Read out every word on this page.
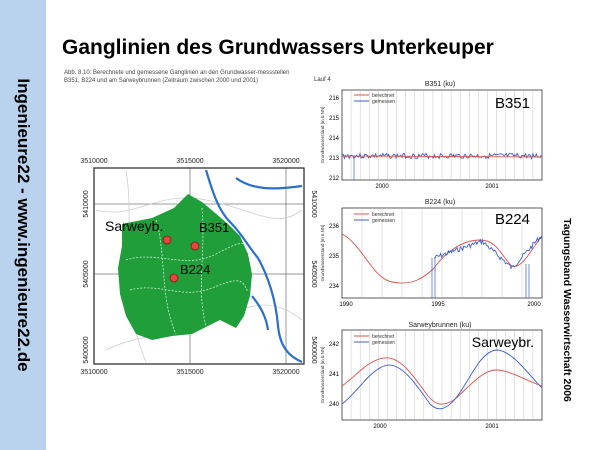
Ingenieure22 - www.ingenieure22.de
Ganglinien des Grundwassers Unterkeuper
Abb. 8.10: Berechnete und gemessene Ganglinien an den Grundwasser-messstellen B351, B224 und am Sarweybrunnen (Zeitraum zwischen 2000 und 2001)
Sarweyb.	B351
B224
3510000	3515000	3520000
3510000	3515000	3520000
5410000
5405000
5400000
5410000
5405000
5400000
Lauf 4
B351 (ku)
B351
berechnet
gemessen
216
215
214
213
212
Grundwasserstand [m ü.NN]
2000	2001
B224 (ku)
B224
berechnet
gemessen
236
235
234
Grundwasserstand [m ü.NN]
1990	1995	2000
Sarweybrunnen (ku)
Sarweybr.
berechnet
gemessen
242
241
240
Grundwasserstand [m ü.NN]
2000	2001
Tagungsband Wasserwirtschaft 2006
